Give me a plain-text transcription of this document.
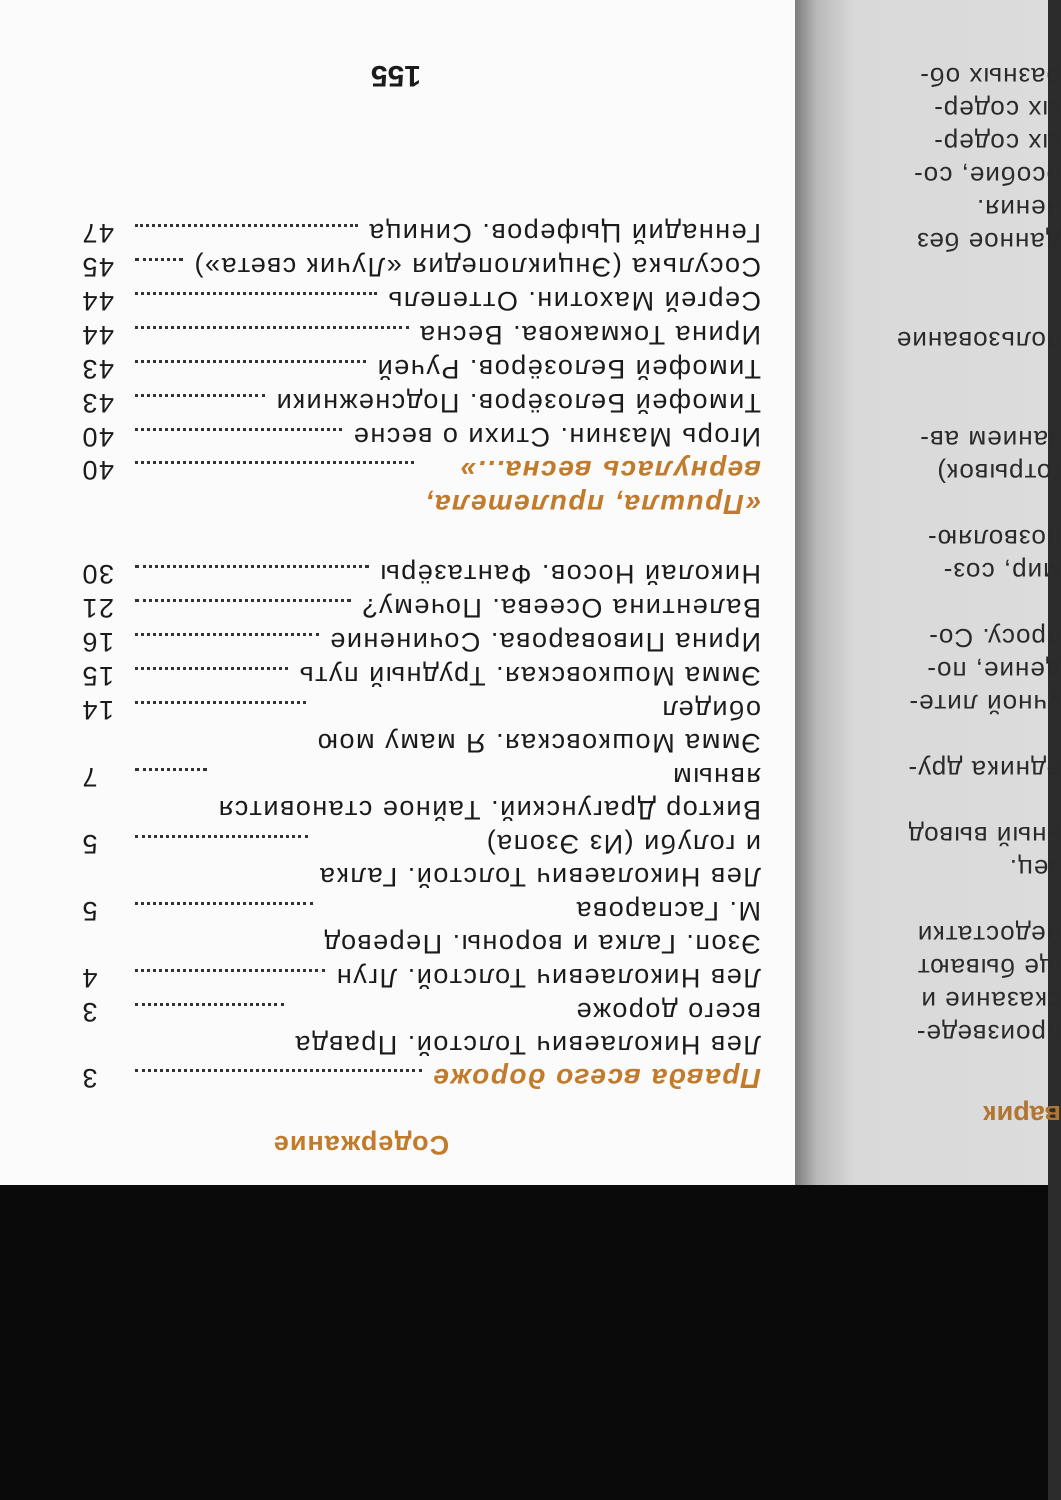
варик
произведе-
сказание и
ще бывают
недостатки
зец.
ьный вывод
едника дру-
учной лите-
дение, по-
просу. Со-
мир, соз-
позволяю-
(отрывок)
занием ав-
пользование
данное без
нения.
особие, со-
ых содер-
ых содер-
разных об-
Содержание
Правда всего дороже
3
Лев Николаевич Толстой. Правда
всего дороже
3
Лев Николаевич Толстой. Лгун
4
Эзоп. Галка и вороны. Перевод
М. Гаспарова
5
Лев Николаевич Толстой. Галка
и голуби (Из Эзопа)
5
Виктор Драгунский. Тайное становится
явным
7
Эмма Мошковская. Я маму мою
обидел
14
Эмма Мошковская. Трудный путь
15
Ирина Пивоварова. Сочинение
16
Валентина Осеева. Почему?
21
Николай Носов. Фантазёры
30
«Пришла, прилетела,
вернулась весна...»
40
Игорь Мазнин. Стихи о весне
40
Тимофей Белозёров. Подснежники
43
Тимофей Белозёров. Ручей
43
Ирина Токмакова. Весна
44
Сергей Махотин. Оттепель
44
Сосулька (Энциклопедия «Лучик света»)
45
Геннадий Цыферов. Синица
47
155
